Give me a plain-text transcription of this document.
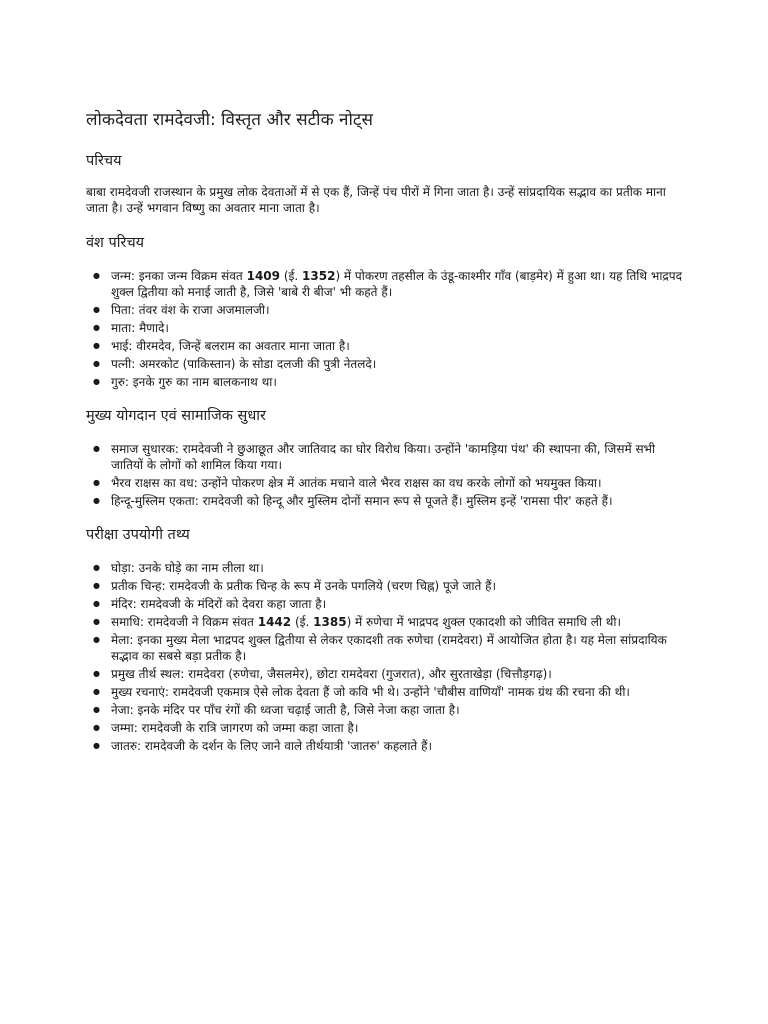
लोकदेवता रामदेवजी: विस्तृत और सटीक नोट्स
परिचय

बाबा रामदेवजी राजस्थान के प्रमुख लोक देवताओं में से एक हैं, जिन्हें पंच पीरों में गिना जाता है। उन्हें सांप्रदायिक सद्भाव का प्रतीक माना जाता है। उन्हें भगवान विष्णु का अवतार माना जाता है।

वंश परिचय
● जन्म: इनका जन्म विक्रम संवत 1409 (ई. 1352) में पोकरण तहसील के उंडू-काश्मीर गाँव (बाड़मेर) में हुआ था। यह तिथि भाद्रपद शुक्ल द्वितीया को मनाई जाती है, जिसे 'बाबे री बीज' भी कहते हैं।
● पिता: तंवर वंश के राजा अजमालजी।
● माता: मैणादे।
● भाई: वीरमदेव, जिन्हें बलराम का अवतार माना जाता है।
● पत्नी: अमरकोट (पाकिस्तान) के सोडा दलजी की पुत्री नेतलदे।
● गुरु: इनके गुरु का नाम बालकनाथ था।
मुख्य योगदान एवं सामाजिक सुधार
● समाज सुधारक: रामदेवजी ने छुआछूत और जातिवाद का घोर विरोध किया। उन्होंने 'कामड़िया पंथ' की स्थापना की, जिसमें सभी जातियों के लोगों को शामिल किया गया।
● भैरव राक्षस का वध: उन्होंने पोकरण क्षेत्र में आतंक मचाने वाले भैरव राक्षस का वध करके लोगों को भयमुक्त किया।
● हिन्दू-मुस्लिम एकता: रामदेवजी को हिन्दू और मुस्लिम दोनों समान रूप से पूजते हैं। मुस्लिम इन्हें 'रामसा पीर' कहते हैं।
परीक्षा उपयोगी तथ्य
● घोड़ा: उनके घोड़े का नाम लीला था।
● प्रतीक चिन्ह: रामदेवजी के प्रतीक चिन्ह के रूप में उनके पगलिये (चरण चिह्न) पूजे जाते हैं।
● मंदिर: रामदेवजी के मंदिरों को देवरा कहा जाता है।
● समाधि: रामदेवजी ने विक्रम संवत 1442 (ई. 1385) में रुणेचा में भाद्रपद शुक्ल एकादशी को जीवित समाधि ली थी।
● मेला: इनका मुख्य मेला भाद्रपद शुक्ल द्वितीया से लेकर एकादशी तक रुणेचा (रामदेवरा) में आयोजित होता है। यह मेला सांप्रदायिक सद्भाव का सबसे बड़ा प्रतीक है।
● प्रमुख तीर्थ स्थल: रामदेवरा (रुणेचा, जैसलमेर), छोटा रामदेवरा (गुजरात), और सुरताखेड़ा (चित्तौड़गढ़)।
● मुख्य रचनाएं: रामदेवजी एकमात्र ऐसे लोक देवता हैं जो कवि भी थे। उन्होंने 'चौबीस वाणियाँ' नामक ग्रंथ की रचना की थी।
● नेजा: इनके मंदिर पर पाँच रंगों की ध्वजा चढ़ाई जाती है, जिसे नेजा कहा जाता है।
● जम्मा: रामदेवजी के रात्रि जागरण को जम्मा कहा जाता है।
● जातरु: रामदेवजी के दर्शन के लिए जाने वाले तीर्थयात्री 'जातरु' कहलाते हैं।
